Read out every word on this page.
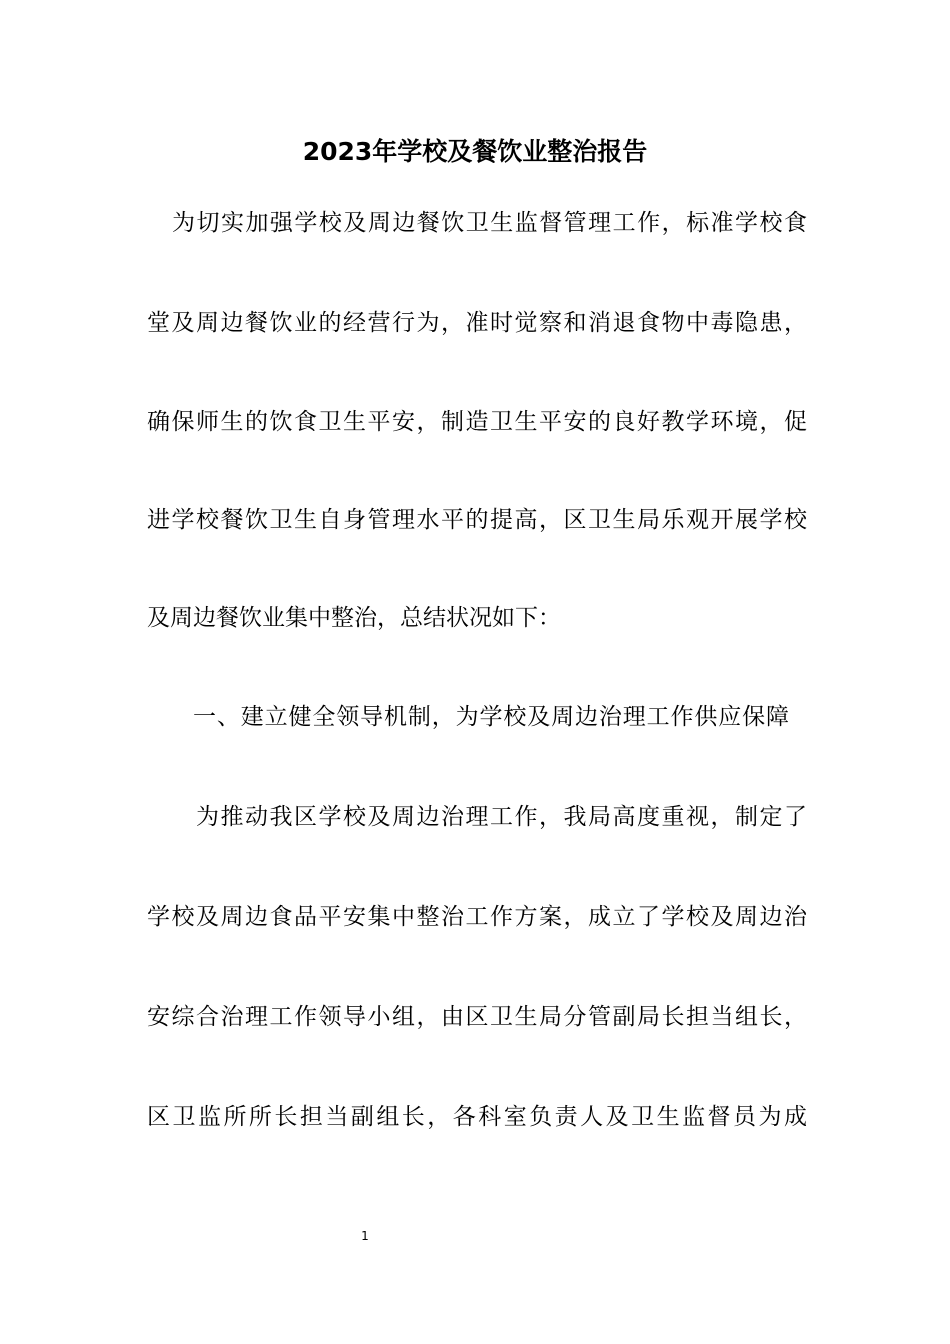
2023年学校及餐饮业整治报告
为切实加强学校及周边餐饮卫生监督管理工作，标准学校食
堂及周边餐饮业的经营行为，准时觉察和消退食物中毒隐患，
确保师生的饮食卫生平安，制造卫生平安的良好教学环境，促
进学校餐饮卫生自身管理水平的提高，区卫生局乐观开展学校
及周边餐饮业集中整治，总结状况如下：
一、建立健全领导机制，为学校及周边治理工作供应保障
为推动我区学校及周边治理工作，我局高度重视，制定了
学校及周边食品平安集中整治工作方案，成立了学校及周边治
安综合治理工作领导小组，由区卫生局分管副局长担当组长，
区卫监所所长担当副组长，各科室负责人及卫生监督员为成
1
